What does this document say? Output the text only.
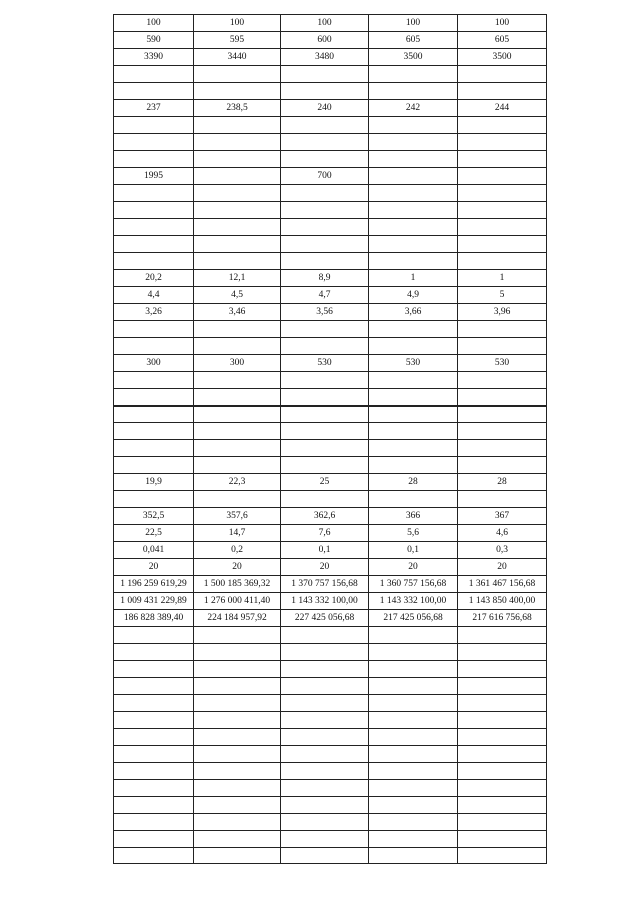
100	100	100	100	100
590	595	600	605	605
3390	3440	3480	3500	3500

237	238,5	240	242	244

1995		700		

20,2	12,1	8,9	1	1
4,4	4,5	4,7	4,9	5
3,26	3,46	3,56	3,66	3,96

300	300	530	530	530

19,9	22,3	25	28	28

352,5	357,6	362,6	366	367
22,5	14,7	7,6	5,6	4,6
0,041	0,2	0,1	0,1	0,3
20	20	20	20	20
1 196 259 619,29	1 500 185 369,32	1 370 757 156,68	1 360 757 156,68	1 361 467 156,68
1 009 431 229,89	1 276 000 411,40	1 143 332 100,00	1 143 332 100,00	1 143 850 400,00
186 828 389,40	224 184 957,92	227 425 056,68	217 425 056,68	217 616 756,68
